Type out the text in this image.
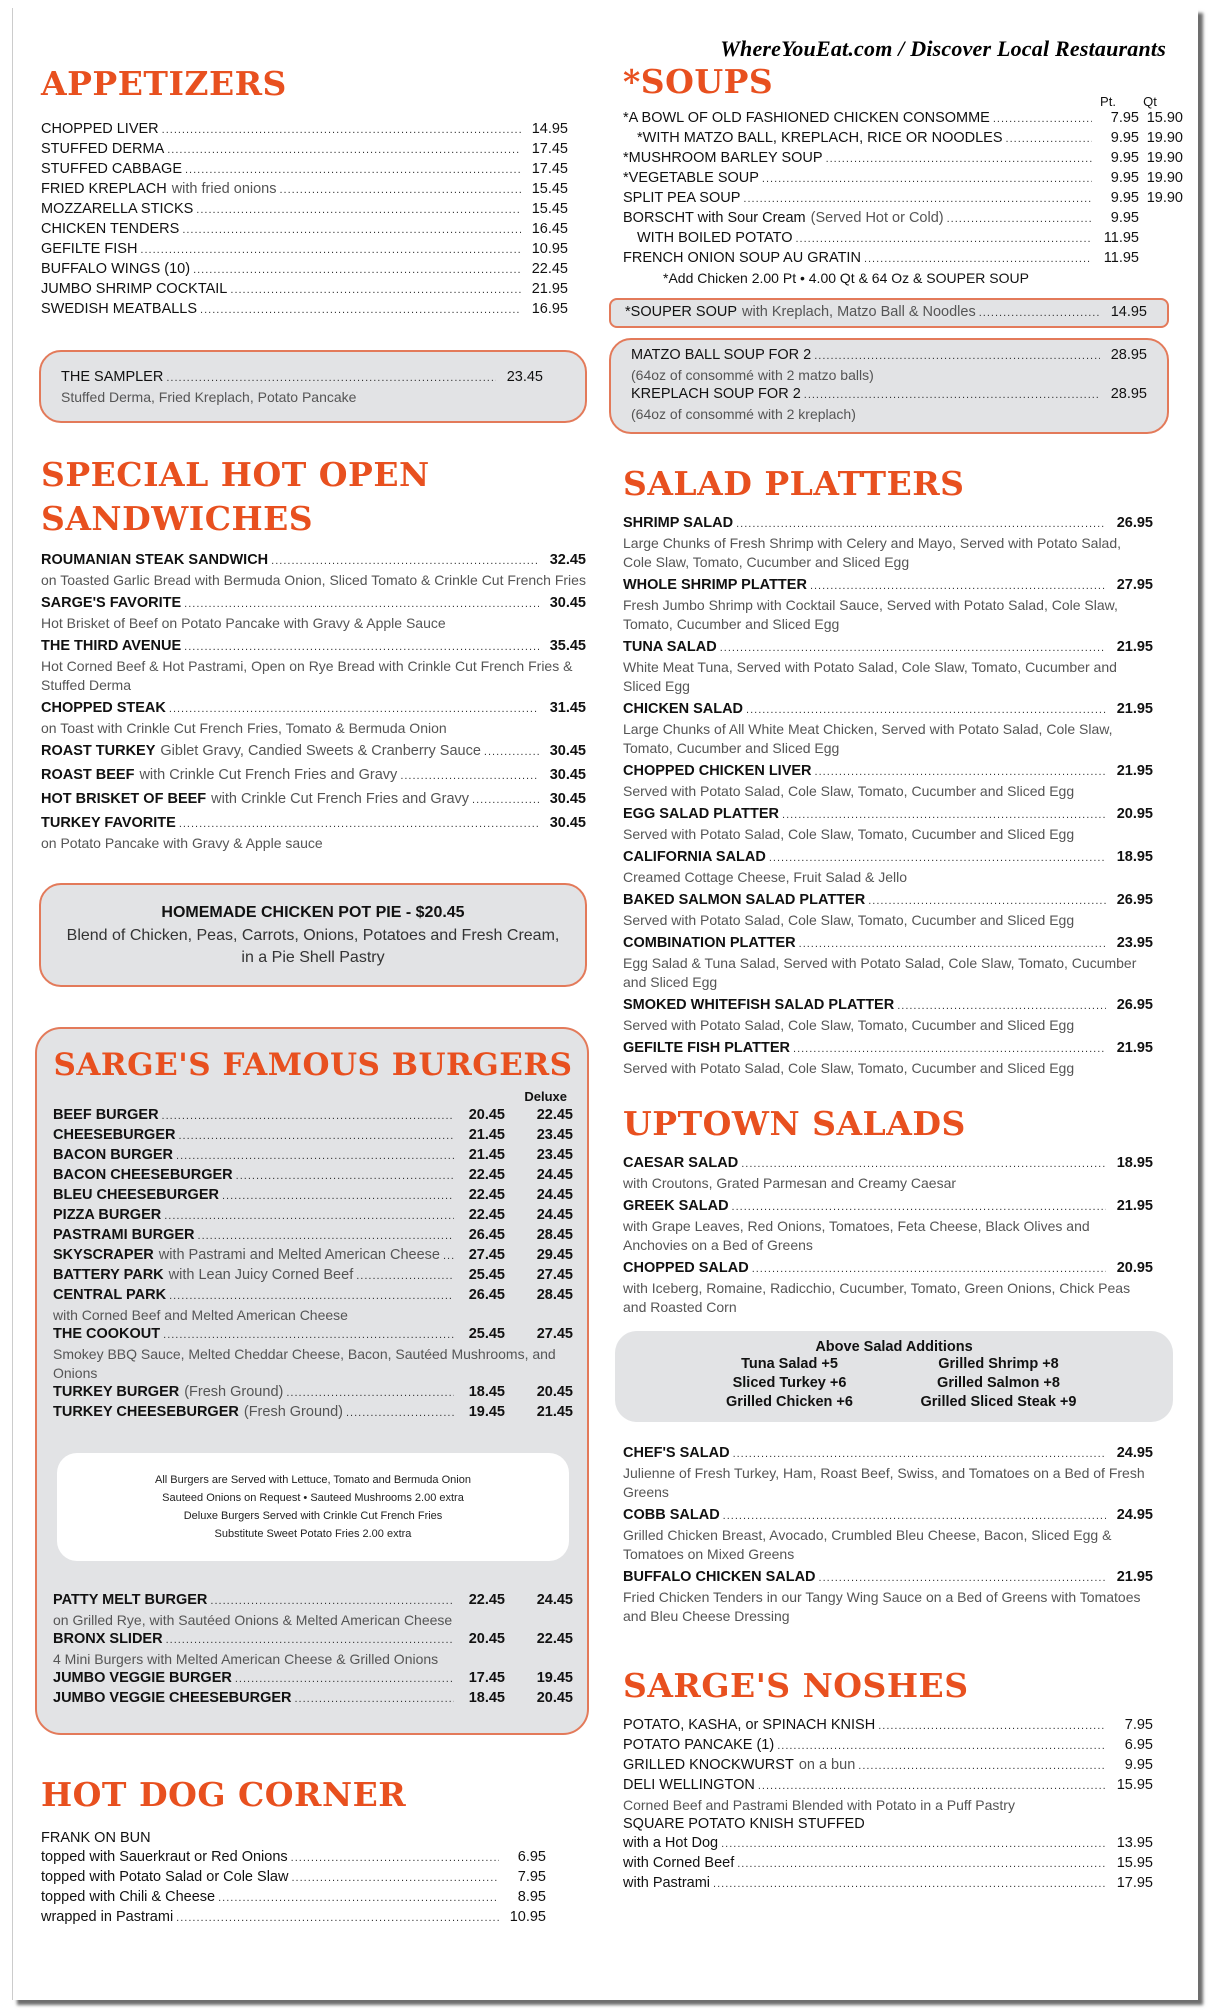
WhereYouEat.com / Discover Local Restaurants
APPETIZERS
CHOPPED LIVER .....	14.95
STUFFED DERMA .....	17.45
STUFFED CABBAGE .....	17.45
FRIED KREPLACH with fried onions .....	15.45
MOZZARELLA STICKS .....	15.45
CHICKEN TENDERS .....	16.45
GEFILTE FISH .....	10.95
BUFFALO WINGS (10) .....	22.45
JUMBO SHRIMP COCKTAIL .....	21.95
SWEDISH MEATBALLS .....	16.95
THE SAMPLER .....	23.45
Stuffed Derma, Fried Kreplach, Potato Pancake
SPECIAL HOT OPEN
SANDWICHES
ROUMANIAN STEAK SANDWICH .....	32.45
on Toasted Garlic Bread with Bermuda Onion, Sliced Tomato & Crinkle Cut French Fries
SARGE'S FAVORITE .....	30.45
Hot Brisket of Beef on Potato Pancake with Gravy & Apple Sauce
THE THIRD AVENUE .....	35.45
Hot Corned Beef & Hot Pastrami, Open on Rye Bread with Crinkle Cut French Fries & Stuffed Derma
CHOPPED STEAK .....	31.45
on Toast with Crinkle Cut French Fries, Tomato & Bermuda Onion
ROAST TURKEY Giblet Gravy, Candied Sweets & Cranberry Sauce .....	30.45
ROAST BEEF with Crinkle Cut French Fries and Gravy .....	30.45
HOT BRISKET OF BEEF with Crinkle Cut French Fries and Gravy .....	30.45
TURKEY FAVORITE .....	30.45
on Potato Pancake with Gravy & Apple sauce
HOMEMADE CHICKEN POT PIE - $20.45
Blend of Chicken, Peas, Carrots, Onions, Potatoes and Fresh Cream, in a Pie Shell Pastry
SARGE'S FAMOUS BURGERS
Deluxe
BEEF BURGER .....	20.45	22.45
CHEESEBURGER .....	21.45	23.45
BACON BURGER .....	21.45	23.45
BACON CHEESEBURGER .....	22.45	24.45
BLEU CHEESEBURGER .....	22.45	24.45
PIZZA BURGER .....	22.45	24.45
PASTRAMI BURGER .....	26.45	28.45
SKYSCRAPER with Pastrami and Melted American Cheese .....	27.45	29.45
BATTERY PARK with Lean Juicy Corned Beef .....	25.45	27.45
CENTRAL PARK .....	26.45	28.45
with Corned Beef and Melted American Cheese
THE COOKOUT .....	25.45	27.45
Smokey BBQ Sauce, Melted Cheddar Cheese, Bacon, Sautéed Mushrooms, and Onions
TURKEY BURGER (Fresh Ground) .....	18.45	20.45
TURKEY CHEESEBURGER (Fresh Ground) .....	19.45	21.45
All Burgers are Served with Lettuce, Tomato and Bermuda Onion
Sauteed Onions on Request • Sauteed Mushrooms 2.00 extra
Deluxe Burgers Served with Crinkle Cut French Fries
Substitute Sweet Potato Fries 2.00 extra
PATTY MELT BURGER .....	22.45	24.45
on Grilled Rye, with Sautéed Onions & Melted American Cheese
BRONX SLIDER .....	20.45	22.45
4 Mini Burgers with Melted American Cheese & Grilled Onions
JUMBO VEGGIE BURGER .....	17.45	19.45
JUMBO VEGGIE CHEESEBURGER .....	18.45	20.45
HOT DOG CORNER
FRANK ON BUN
topped with Sauerkraut or Red Onions .....	6.95
topped with Potato Salad or Cole Slaw .....	7.95
topped with Chili & Cheese .....	8.95
wrapped in Pastrami .....	10.95
*SOUPS
Pt.	Qt
*A BOWL OF OLD FASHIONED CHICKEN CONSOMME .....	7.95 15.90
*WITH MATZO BALL, KREPLACH, RICE OR NOODLES .....	9.95 19.90
*MUSHROOM BARLEY SOUP .....	9.95 19.90
*VEGETABLE SOUP .....	9.95 19.90
SPLIT PEA SOUP .....	9.95 19.90
BORSCHT with Sour Cream (Served Hot or Cold) .....	9.95
WITH BOILED POTATO .....	11.95
FRENCH ONION SOUP AU GRATIN .....	11.95
*Add Chicken 2.00 Pt • 4.00 Qt & 64 Oz & SOUPER SOUP
*SOUPER SOUP with Kreplach, Matzo Ball & Noodles .....	14.95
MATZO BALL SOUP FOR 2 .....	28.95
(64oz of consommé with 2 matzo balls)
KREPLACH SOUP FOR 2 .....	28.95
(64oz of consommé with 2 kreplach)
SALAD PLATTERS
SHRIMP SALAD .....	26.95
Large Chunks of Fresh Shrimp with Celery and Mayo, Served with Potato Salad, Cole Slaw, Tomato, Cucumber and Sliced Egg
WHOLE SHRIMP PLATTER .....	27.95
Fresh Jumbo Shrimp with Cocktail Sauce, Served with Potato Salad, Cole Slaw, Tomato, Cucumber and Sliced Egg
TUNA SALAD .....	21.95
White Meat Tuna, Served with Potato Salad, Cole Slaw, Tomato, Cucumber and Sliced Egg
CHICKEN SALAD .....	21.95
Large Chunks of All White Meat Chicken, Served with Potato Salad, Cole Slaw, Tomato, Cucumber and Sliced Egg
CHOPPED CHICKEN LIVER .....	21.95
Served with Potato Salad, Cole Slaw, Tomato, Cucumber and Sliced Egg
EGG SALAD PLATTER .....	20.95
Served with Potato Salad, Cole Slaw, Tomato, Cucumber and Sliced Egg
CALIFORNIA SALAD .....	18.95
Creamed Cottage Cheese, Fruit Salad & Jello
BAKED SALMON SALAD PLATTER .....	26.95
Served with Potato Salad, Cole Slaw, Tomato, Cucumber and Sliced Egg
COMBINATION PLATTER .....	23.95
Egg Salad & Tuna Salad, Served with Potato Salad, Cole Slaw, Tomato, Cucumber and Sliced Egg
SMOKED WHITEFISH SALAD PLATTER .....	26.95
Served with Potato Salad, Cole Slaw, Tomato, Cucumber and Sliced Egg
GEFILTE FISH PLATTER .....	21.95
Served with Potato Salad, Cole Slaw, Tomato, Cucumber and Sliced Egg
UPTOWN SALADS
CAESAR SALAD .....	18.95
with Croutons, Grated Parmesan and Creamy Caesar
GREEK SALAD .....	21.95
with Grape Leaves, Red Onions, Tomatoes, Feta Cheese, Black Olives and Anchovies on a Bed of Greens
CHOPPED SALAD .....	20.95
with Iceberg, Romaine, Radicchio, Cucumber, Tomato, Green Onions, Chick Peas and Roasted Corn
Above Salad Additions
Tuna Salad +5	Grilled Shrimp +8
Sliced Turkey +6	Grilled Salmon +8
Grilled Chicken +6	Grilled Sliced Steak +9
CHEF'S SALAD .....	24.95
Julienne of Fresh Turkey, Ham, Roast Beef, Swiss, and Tomatoes on a Bed of Fresh Greens
COBB SALAD .....	24.95
Grilled Chicken Breast, Avocado, Crumbled Bleu Cheese, Bacon, Sliced Egg & Tomatoes on Mixed Greens
BUFFALO CHICKEN SALAD .....	21.95
Fried Chicken Tenders in our Tangy Wing Sauce on a Bed of Greens with Tomatoes and Bleu Cheese Dressing
SARGE'S NOSHES
POTATO, KASHA, or SPINACH KNISH .....	7.95
POTATO PANCAKE (1) .....	6.95
GRILLED KNOCKWURST on a bun .....	9.95
DELI WELLINGTON .....	15.95
Corned Beef and Pastrami Blended with Potato in a Puff Pastry
SQUARE POTATO KNISH STUFFED
with a Hot Dog .....	13.95
with Corned Beef .....	15.95
with Pastrami .....	17.95
